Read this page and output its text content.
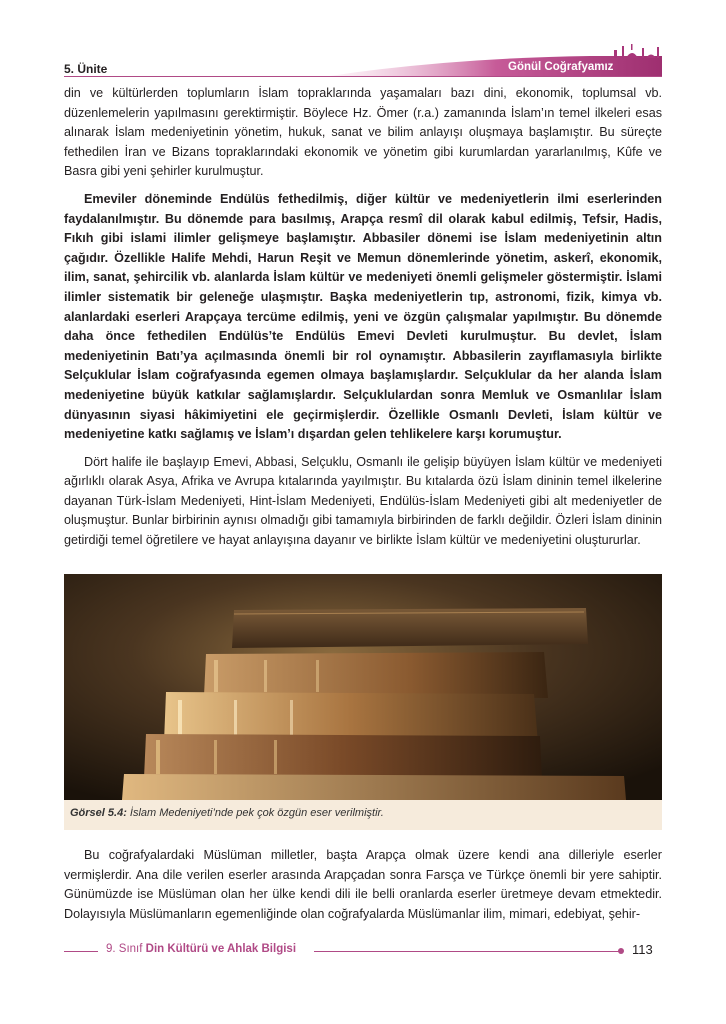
5. Ünite	Gönül Coğrafyamız

din ve kültürlerden toplumların İslam topraklarında yaşamaları bazı dini, ekonomik, toplumsal vb. düzenlemelerin yapılmasını gerektirmiştir. Böylece Hz. Ömer (r.a.) zamanında İslam’ın temel ilkeleri esas alınarak İslam medeniyetinin yönetim, hukuk, sanat ve bilim anlayışı oluşmaya başlamıştır. Bu süreçte fethedilen İran ve Bizans topraklarındaki ekonomik ve yönetim gibi kurumlardan yararlanılmış, Kûfe ve Basra gibi yeni şehirler kurulmuştur.

Emeviler döneminde Endülüs fethedilmiş, diğer kültür ve medeniyetlerin ilmi eserlerinden faydalanılmıştır. Bu dönemde para basılmış, Arapça resmî dil olarak kabul edilmiş, Tefsir, Hadis, Fıkıh gibi islami ilimler gelişmeye başlamıştır. Abbasiler dönemi ise İslam medeniyetinin altın çağıdır. Özellikle Halife Mehdi, Harun Reşit ve Memun dönemlerinde yönetim, askerî, ekonomik, ilim, sanat, şehircilik vb. alanlarda İslam kültür ve medeniyeti önemli gelişmeler göstermiştir. İslami ilimler sistematik bir geleneğe ulaşmıştır. Başka medeniyetlerin tıp, astronomi, fizik, kimya vb. alanlardaki eserleri Arapçaya tercüme edilmiş, yeni ve özgün çalışmalar yapılmıştır. Bu dönemde daha önce fethedilen Endülüs’te Endülüs Emevi Devleti kurulmuştur. Bu devlet, İslam medeniyetinin Batı’ya açılmasında önemli bir rol oynamıştır. Abbasilerin zayıflamasıyla birlikte Selçuklular İslam coğrafyasında egemen olmaya başlamışlardır. Selçuklular da her alanda İslam medeniyetine büyük katkılar sağlamışlardır. Selçuklulardan sonra Memluk ve Osmanlılar İslam dünyasının siyasi hâkimiyetini ele geçirmişlerdir. Özellikle Osmanlı Devleti, İslam kültür ve medeniyetine katkı sağlamış ve İslam’ı dışardan gelen tehlikelere karşı korumuştur.

Dört halife ile başlayıp Emevi, Abbasi, Selçuklu, Osmanlı ile gelişip büyüyen İslam kültür ve medeniyeti ağırlıklı olarak Asya, Afrika ve Avrupa kıtalarında yayılmıştır. Bu kıtalarda özü İslam dininin temel ilkelerine dayanan Türk-İslam Medeniyeti, Hint-İslam Medeniyeti, Endülüs-İslam Medeniyeti gibi alt medeniyetler de oluşmuştur. Bunlar birbirinin aynısı olmadığı gibi tamamıyla birbirinden de farklı değildir. Özleri İslam dininin getirdiği temel öğretilere ve hayat anlayışına dayanır ve birlikte İslam kültür ve medeniyetini oluştururlar.

Görsel 5.4: İslam Medeniyeti’nde pek çok özgün eser verilmiştir.

Bu coğrafyalardaki Müslüman milletler, başta Arapça olmak üzere kendi ana dilleriyle eserler vermişlerdir. Ana dile verilen eserler arasında Arapçadan sonra Farsça ve Türkçe önemli bir yere sahiptir. Günümüzde ise Müslüman olan her ülke kendi dili ile belli oranlarda eserler üretmeye devam etmektedir. Dolayısıyla Müslümanların egemenliğinde olan coğrafyalarda Müslümanlar ilim, mimari, edebiyat, şehir-

9. Sınıf Din Kültürü ve Ahlak Bilgisi	113
